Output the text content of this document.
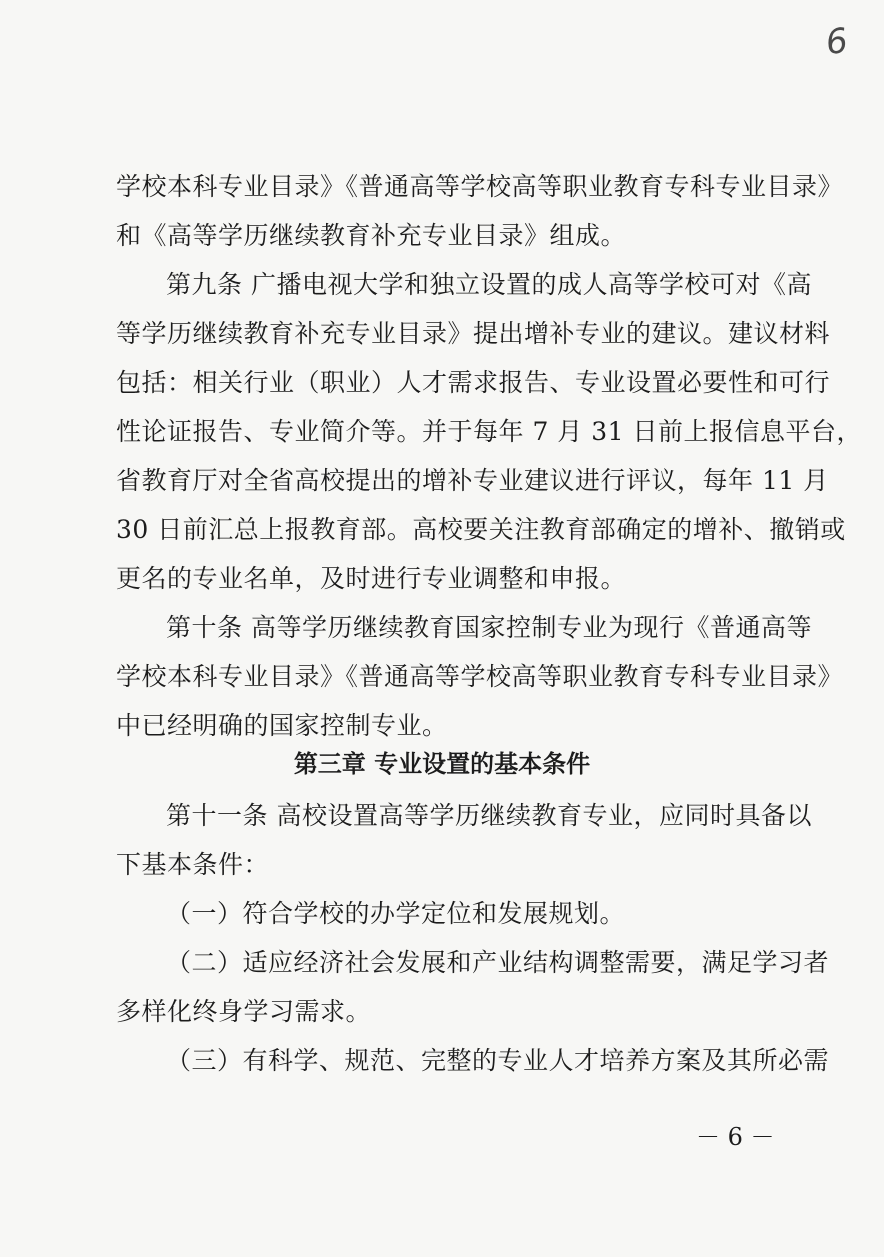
6
学校本科专业目录》《普通高等学校高等职业教育专科专业目录》
和《高等学历继续教育补充专业目录》组成。
第九条 广播电视大学和独立设置的成人高等学校可对《高
等学历继续教育补充专业目录》提出增补专业的建议。建议材料
包括：相关行业（职业）人才需求报告、专业设置必要性和可行
性论证报告、专业简介等。并于每年 7 月 31 日前上报信息平台，
省教育厅对全省高校提出的增补专业建议进行评议，每年 11 月
30 日前汇总上报教育部。高校要关注教育部确定的增补、撤销或
更名的专业名单，及时进行专业调整和申报。
第十条 高等学历继续教育国家控制专业为现行《普通高等
学校本科专业目录》《普通高等学校高等职业教育专科专业目录》
中已经明确的国家控制专业。
第三章 专业设置的基本条件
第十一条 高校设置高等学历继续教育专业，应同时具备以
下基本条件：
（一）符合学校的办学定位和发展规划。
（二）适应经济社会发展和产业结构调整需要，满足学习者
多样化终身学习需求。
（三）有科学、规范、完整的专业人才培养方案及其所必需
－ 6 －
